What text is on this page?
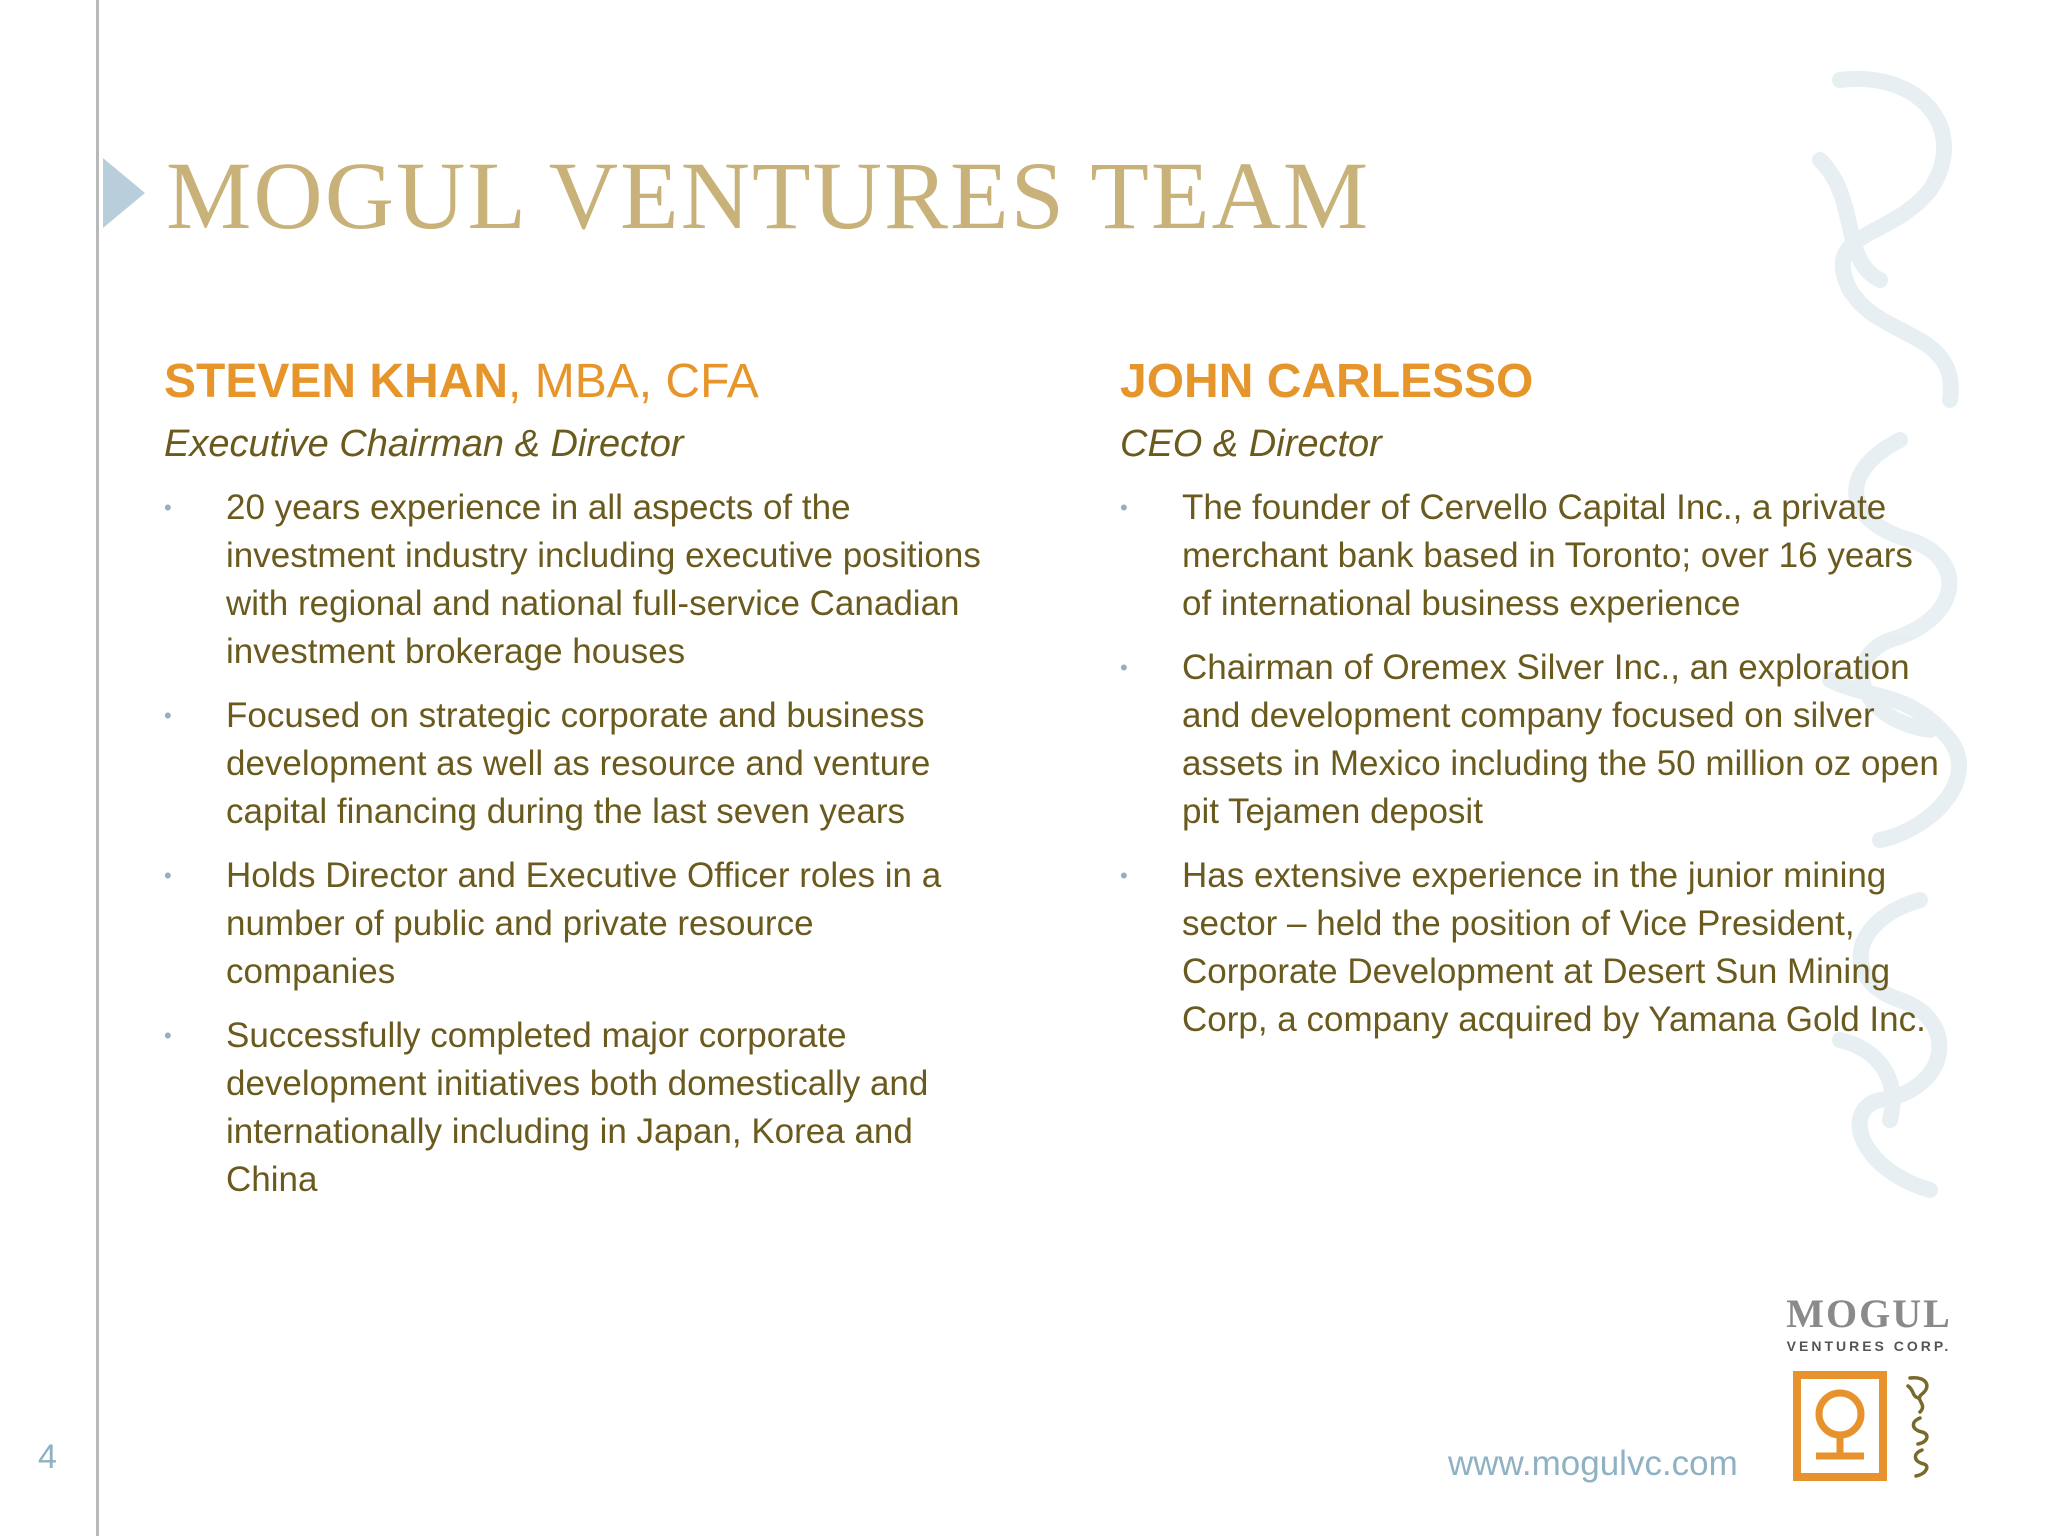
MOGUL VENTURES TEAM
STEVEN KHAN, MBA, CFA
Executive Chairman & Director
• 20 years experience in all aspects of the investment industry including executive positions with regional and national full-service Canadian investment brokerage houses
• Focused on strategic corporate and business development as well as resource and venture capital financing during the last seven years
• Holds Director and Executive Officer roles in a number of public and private resource companies
• Successfully completed major corporate development initiatives both domestically and internationally including in Japan, Korea and China
JOHN CARLESSO
CEO & Director
• The founder of Cervello Capital Inc., a private merchant bank based in Toronto; over 16 years of international business experience
• Chairman of Oremex Silver Inc., an exploration and development company focused on silver assets in Mexico including the 50 million oz open pit Tejamen deposit
• Has extensive experience in the junior mining sector – held the position of Vice President, Corporate Development at Desert Sun Mining Corp, a company acquired by Yamana Gold Inc.
4	www.mogulvc.com
MOGUL
VENTURES CORP.
